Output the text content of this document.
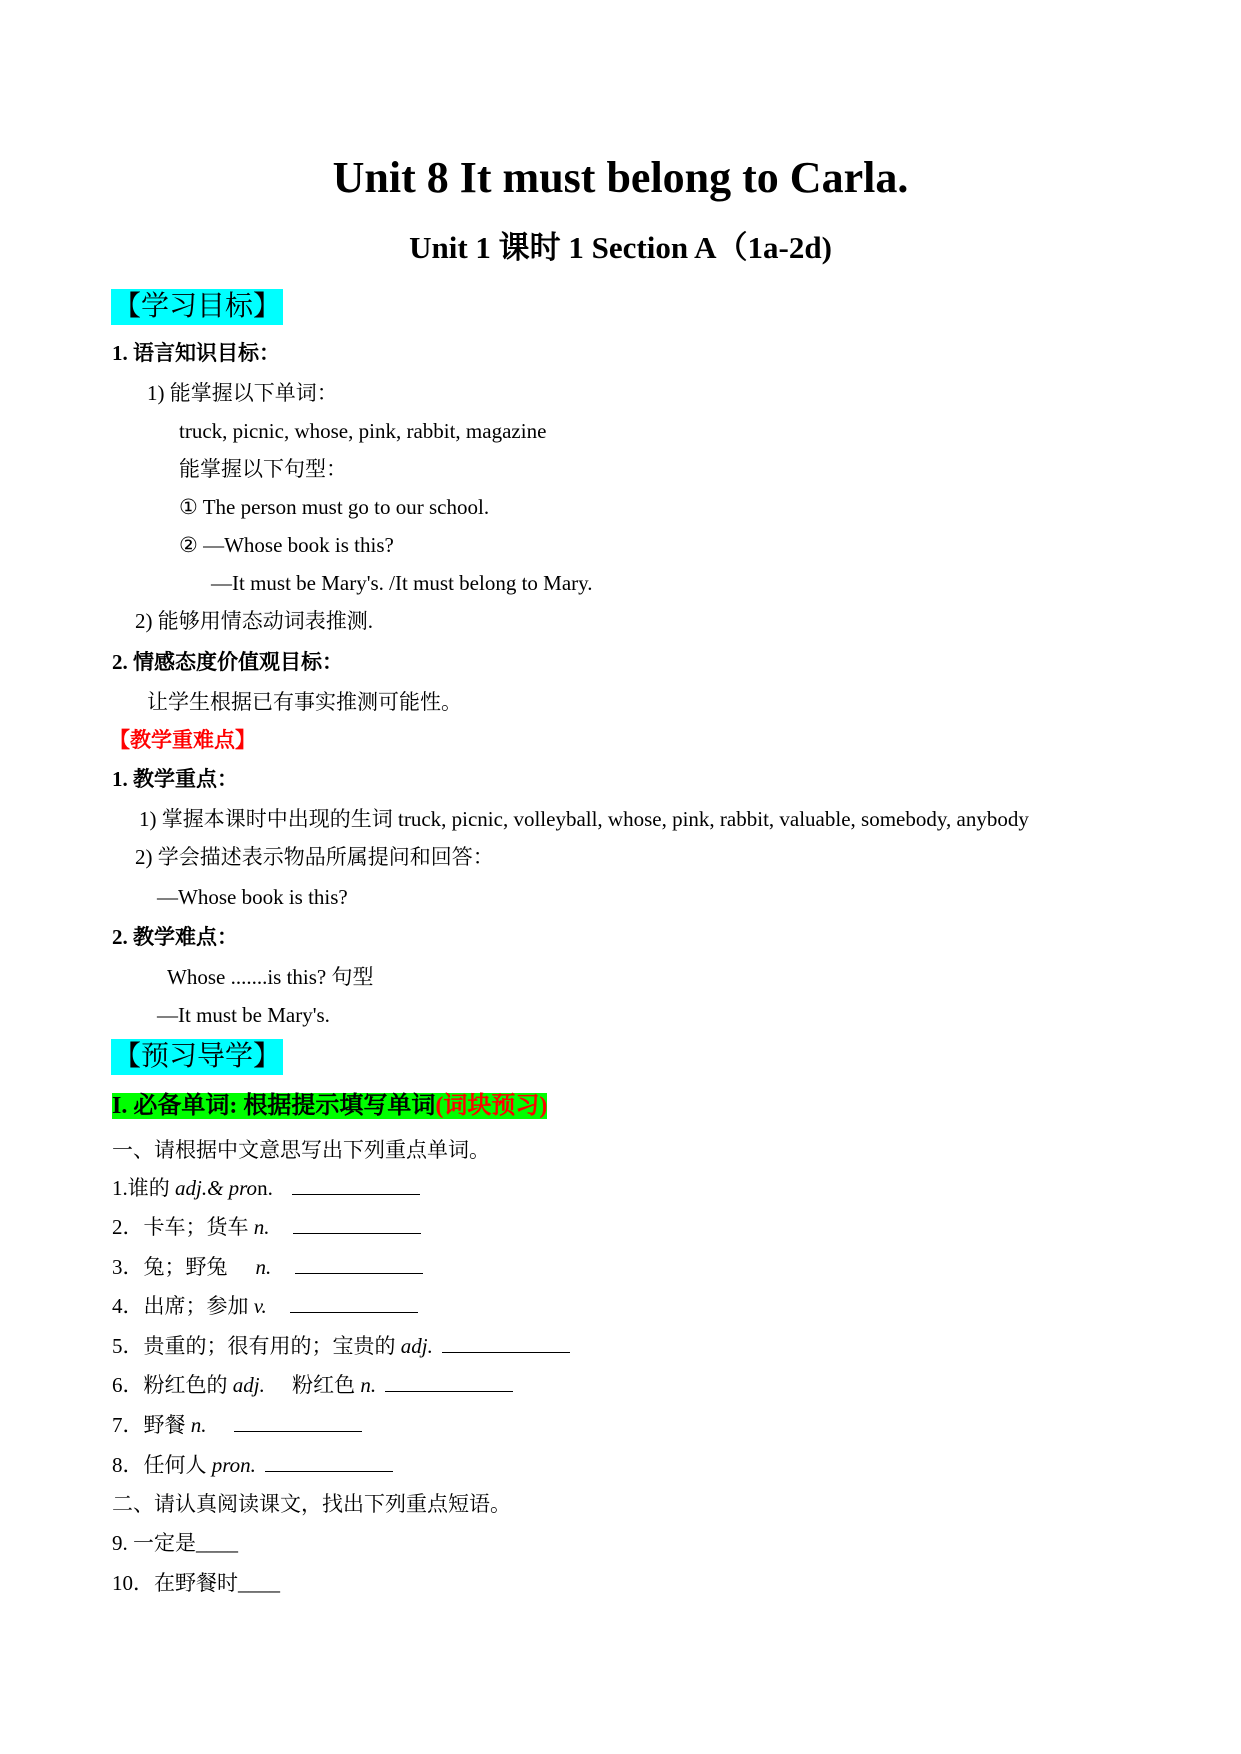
Unit 8 It must belong to Carla.
Unit 1 课时 1 Section A（1a-2d)
【学习目标】
1. 语言知识目标：
1) 能掌握以下单词：
truck, picnic, whose, pink, rabbit, magazine
能掌握以下句型：
① The person must go to our school.
② —Whose book is this?
—It must be Mary's. /It must belong to Mary.
2) 能够用情态动词表推测.
2. 情感态度价值观目标：
让学生根据已有事实推测可能性。
【教学重难点】
1. 教学重点：
1) 掌握本课时中出现的生词 truck, picnic, volleyball, whose, pink, rabbit, valuable, somebody, anybody
2) 学会描述表示物品所属提问和回答：
—Whose book is this?
2. 教学难点：
Whose .......is this? 句型
—It must be Mary's.
【预习导学】
I. 必备单词: 根据提示填写单词(词块预习)
一、请根据中文意思写出下列重点单词。
1.谁的 adj.& pron.
2．卡车；货车 n.
3．兔；野兔 n.
4．出席；参加 v.
5．贵重的；很有用的；宝贵的 adj.
6．粉红色的 adj. 粉红色 n.
7．野餐 n.
8．任何人 pron.
二、请认真阅读课文，找出下列重点短语。
9. 一定是____
10．在野餐时____
